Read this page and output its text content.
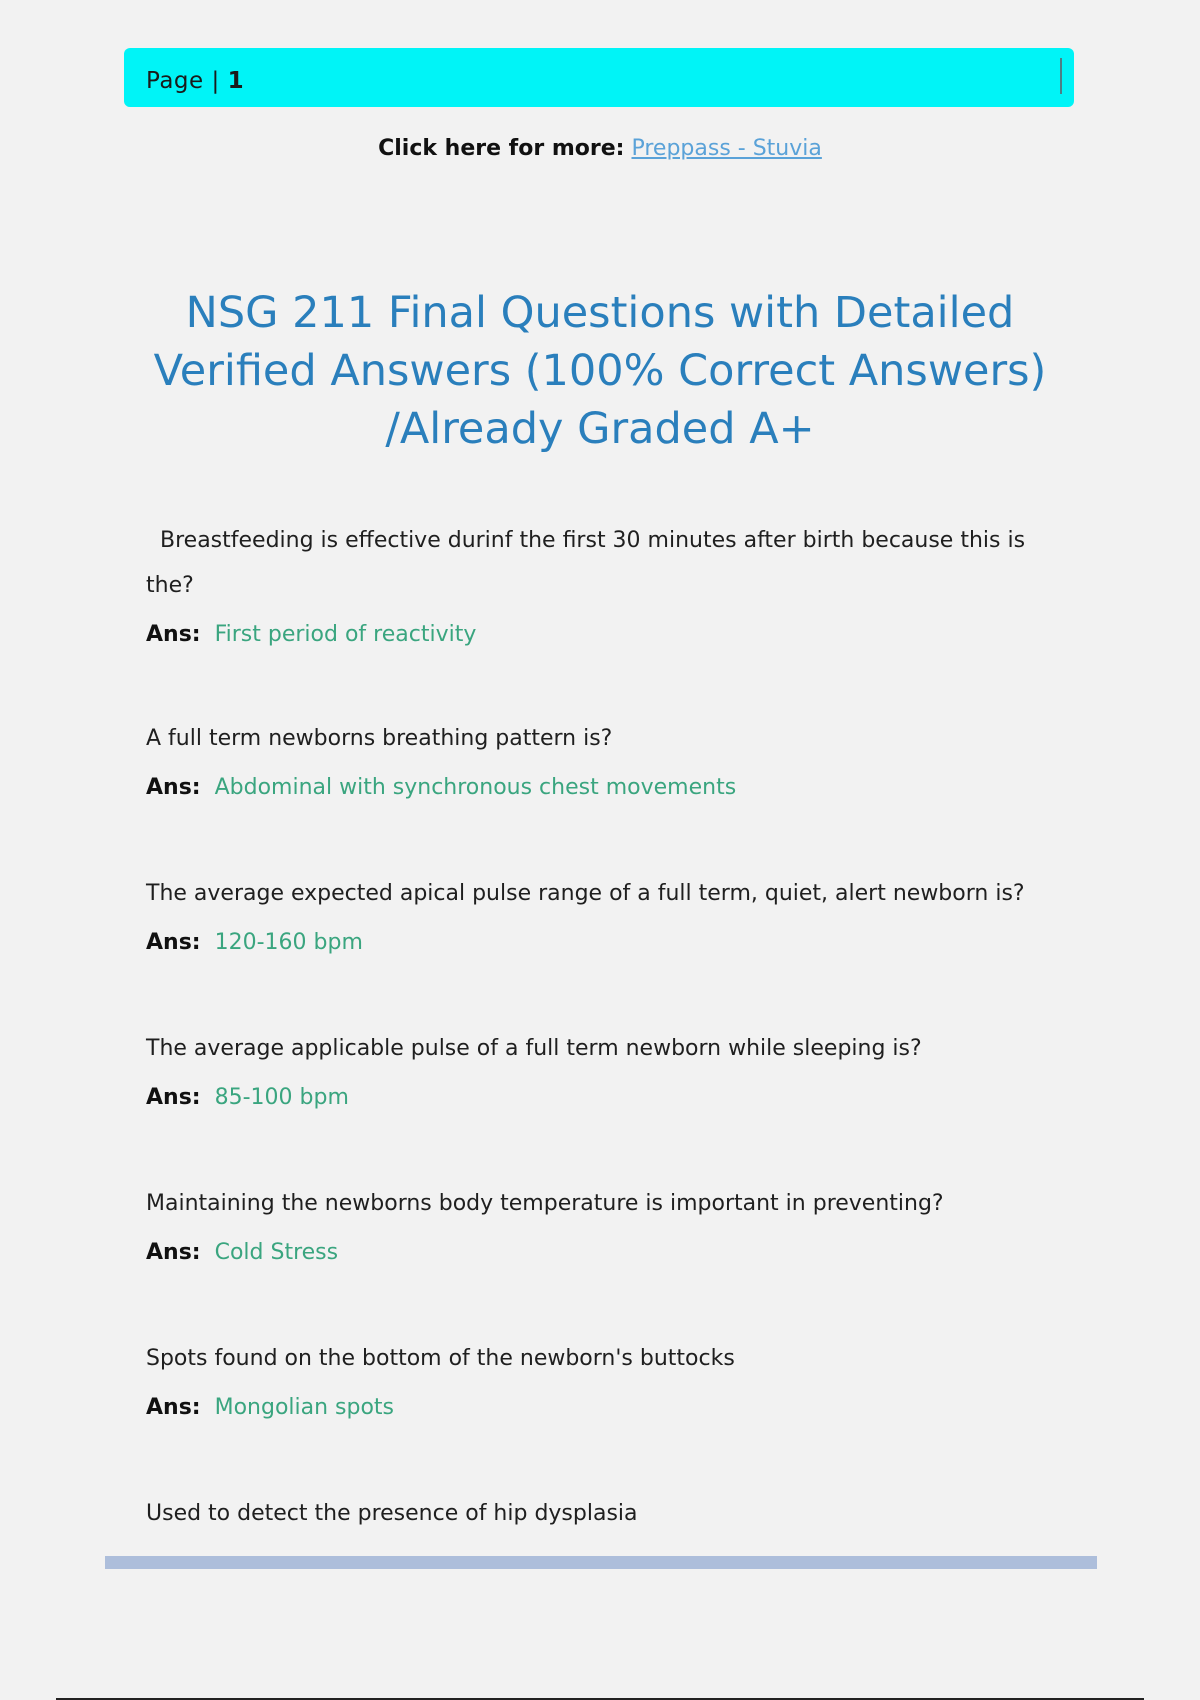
Page | 1
Click here for more: Preppass - Stuvia
NSG 211 Final Questions with Detailed Verified Answers (100% Correct Answers) /Already Graded A+
Breastfeeding is effective durinf the first 30 minutes after birth because this is the?
Ans: First period of reactivity
A full term newborns breathing pattern is?
Ans: Abdominal with synchronous chest movements
The average expected apical pulse range of a full term, quiet, alert newborn is?
Ans: 120-160 bpm
The average applicable pulse of a full term newborn while sleeping is?
Ans: 85-100 bpm
Maintaining the newborns body temperature is important in preventing?
Ans: Cold Stress
Spots found on the bottom of the newborn's buttocks
Ans: Mongolian spots
Used to detect the presence of hip dysplasia
